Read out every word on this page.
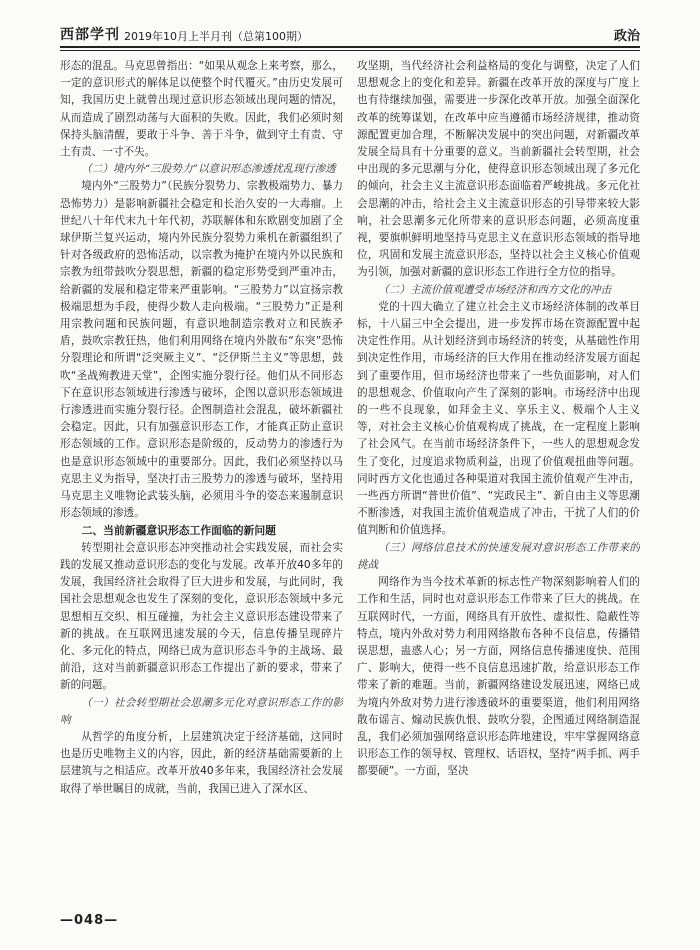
西部学刊 2019年10月上半月刊（总第100期）	政治

形态的混乱。马克思曾指出：“如果从观念上来考察，那么，一定的意识形式的解体足以使整个时代覆灭。”由历史发展可知，我国历史上就曾出现过意识形态领域出现问题的情况，从而造成了剧烈动荡与大面积的失败。因此，我们必须时刻保持头脑清醒，要敢于斗争、善于斗争，做到守土有责、守土有责、一寸不失。

（二）境内外“三股势力”以意识形态渗透扰乱现行渗透

境内外“三股势力”（民族分裂势力、宗教极端势力、暴力恐怖势力）是影响新疆社会稳定和长治久安的一大毒瘤。上世纪八十年代末九十年代初，苏联解体和东欧剧变加剧了全球伊斯兰复兴运动，境内外民族分裂势力乘机在新疆组织了针对各级政府的恐怖活动，以宗教为掩护在境内外以民族和宗教为纽带鼓吹分裂思想，新疆的稳定形势受到严重冲击，给新疆的发展和稳定带来严重影响。“三股势力”以宣扬宗教极端思想为手段，使得少数人走向极端。“三股势力”正是利用宗教问题和民族问题，有意识地制造宗教对立和民族矛盾，鼓吹宗教狂热，他们利用网络在境内外散布“东突”恐怖分裂理论和所谓“泛突厥主义”、“泛伊斯兰主义”等思想，鼓吹“圣战殉教进天堂”，企图实施分裂行径。他们从不同形态下在意识形态领域进行渗透与破坏，企图以意识形态领域进行渗透进而实施分裂行径。企图制造社会混乱，破坏新疆社会稳定。因此，只有加强意识形态工作，才能真正防止意识形态领域的工作。意识形态是阶级的，反动势力的渗透行为也是意识形态领域中的重要部分。因此，我们必须坚持以马克思主义为指导，坚决打击三股势力的渗透与破坏，坚持用马克思主义唯物论武装头脑，必须用斗争的姿态来遏制意识形态领域的渗透。

二、当前新疆意识形态工作面临的新问题

转型期社会意识形态冲突推动社会实践发展，而社会实践的发展又推动意识形态的变化与发展。改革开放40多年的发展，我国经济社会取得了巨大进步和发展，与此同时，我国社会思想观念也发生了深刻的变化，意识形态领域中多元思想相互交织、相互碰撞，为社会主义意识形态建设带来了新的挑战。在互联网迅速发展的今天，信息传播呈现碎片化、多元化的特点，网络已成为意识形态斗争的主战场、最前沿，这对当前新疆意识形态工作提出了新的要求，带来了新的问题。

（一）社会转型期社会思潮多元化对意识形态工作的影响

从哲学的角度分析，上层建筑决定于经济基础，这同时也是历史唯物主义的内容，因此，新的经济基础需要新的上层建筑与之相适应。改革开放40多年来，我国经济社会发展取得了举世瞩目的成就，当前，我国已进入了深水区、

攻坚期，当代经济社会利益格局的变化与调整，决定了人们思想观念上的变化和差异。新疆在改革开放的深度与广度上也有待继续加强，需要进一步深化改革开放。加强全面深化改革的统筹谋划，在改革中应当遵循市场经济规律，推动资源配置更加合理，不断解决发展中的突出问题，对新疆改革发展全局具有十分重要的意义。当前新疆社会转型期，社会中出现的多元思潮与分化，使得意识形态领域出现了多元化的倾向，社会主义主流意识形态面临着严峻挑战。多元化社会思潮的冲击，给社会主义主流意识形态的引导带来较大影响，社会思潮多元化所带来的意识形态问题，必须高度重视，要旗帜鲜明地坚持马克思主义在意识形态领域的指导地位，巩固和发展主流意识形态，坚持以社会主义核心价值观为引领，加强对新疆的意识形态工作进行全方位的指导。

（二）主流价值观遭受市场经济和西方文化的冲击

党的十四大确立了建立社会主义市场经济体制的改革目标，十八届三中全会提出，进一步发挥市场在资源配置中起决定性作用。从计划经济到市场经济的转变，从基础性作用到决定性作用，市场经济的巨大作用在推动经济发展方面起到了重要作用，但市场经济也带来了一些负面影响，对人们的思想观念、价值取向产生了深刻的影响。市场经济中出现的一些不良现象，如拜金主义、享乐主义、极端个人主义等，对社会主义核心价值观构成了挑战，在一定程度上影响了社会风气。在当前市场经济条件下，一些人的思想观念发生了变化，过度追求物质利益，出现了价值观扭曲等问题。同时西方文化也通过各种渠道对我国主流价值观产生冲击，一些西方所谓“普世价值”、“宪政民主”、新自由主义等思潮不断渗透，对我国主流价值观造成了冲击，干扰了人们的价值判断和价值选择。

（三）网络信息技术的快速发展对意识形态工作带来的挑战

网络作为当今技术革新的标志性产物深刻影响着人们的工作和生活，同时也对意识形态工作带来了巨大的挑战。在互联网时代，一方面，网络具有开放性、虚拟性、隐蔽性等特点，境内外敌对势力利用网络散布各种不良信息，传播错误思想，蛊惑人心；另一方面，网络信息传播速度快、范围广、影响大，使得一些不良信息迅速扩散，给意识形态工作带来了新的难题。当前，新疆网络建设发展迅速，网络已成为境内外敌对势力进行渗透破坏的重要渠道，他们利用网络散布谣言、煽动民族仇恨、鼓吹分裂，企图通过网络制造混乱，我们必须加强网络意识形态阵地建设，牢牢掌握网络意识形态工作的领导权、管理权、话语权，坚持“两手抓、两手都要硬”。一方面，坚决

—048—
